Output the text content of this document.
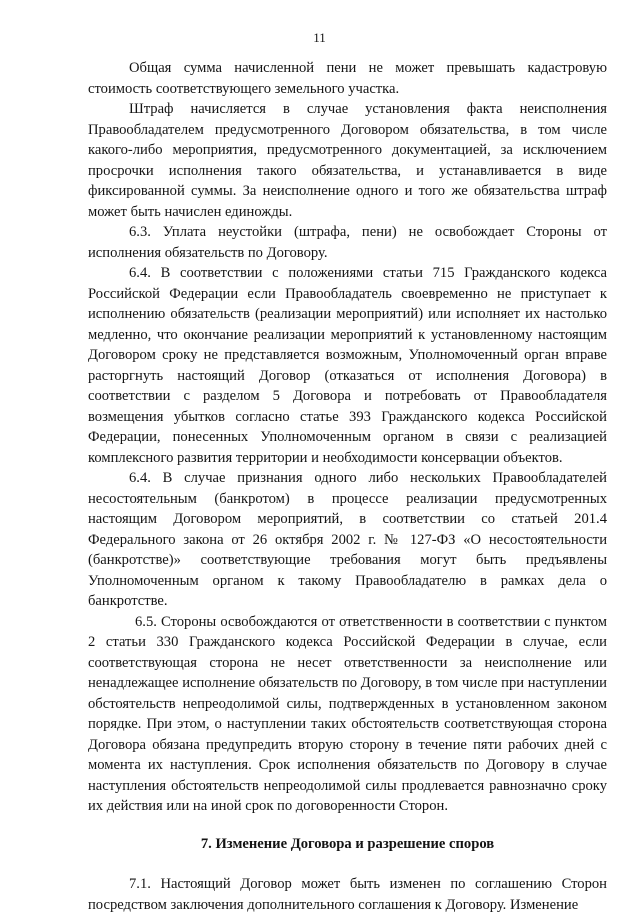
11

Общая сумма начисленной пени не может превышать кадастровую стоимость соответствующего земельного участка.

Штраф начисляется в случае установления факта неисполнения Правообладателем предусмотренного Договором обязательства, в том числе какого-либо мероприятия, предусмотренного документацией, за исключением просрочки исполнения такого обязательства, и устанавливается в виде фиксированной суммы. За неисполнение одного и того же обязательства штраф может быть начислен единожды.

6.3. Уплата неустойки (штрафа, пени) не освобождает Стороны от исполнения обязательств по Договору.

6.4. В соответствии с положениями статьи 715 Гражданского кодекса Российской Федерации если Правообладатель своевременно не приступает к исполнению обязательств (реализации мероприятий) или исполняет их настолько медленно, что окончание реализации мероприятий к установленному настоящим Договором сроку не представляется возможным, Уполномоченный орган вправе расторгнуть настоящий Договор (отказаться от исполнения Договора) в соответствии с разделом 5 Договора и потребовать от Правообладателя возмещения убытков согласно статье 393 Гражданского кодекса Российской Федерации, понесенных Уполномоченным органом в связи с реализацией комплексного развития территории и необходимости консервации объектов.

6.4. В случае признания одного либо нескольких Правообладателей несостоятельным (банкротом) в процессе реализации предусмотренных настоящим Договором мероприятий, в соответствии со статьей 201.4 Федерального закона от 26 октября 2002 г. № 127-ФЗ «О несостоятельности (банкротстве)» соответствующие требования могут быть предъявлены Уполномоченным органом к такому Правообладателю в рамках дела о банкротстве.

6.5. Стороны освобождаются от ответственности в соответствии с пунктом 2 статьи 330 Гражданского кодекса Российской Федерации в случае, если соответствующая сторона не несет ответственности за неисполнение или ненадлежащее исполнение обязательств по Договору, в том числе при наступлении обстоятельств непреодолимой силы, подтвержденных в установленном законом порядке. При этом, о наступлении таких обстоятельств соответствующая сторона Договора обязана предупредить вторую сторону в течение пяти рабочих дней с момента их наступления. Срок исполнения обязательств по Договору в случае наступления обстоятельств непреодолимой силы продлевается равнозначно сроку их действия или на иной срок по договоренности Сторон.

7. Изменение Договора и разрешение споров

7.1. Настоящий Договор может быть изменен по соглашению Сторон посредством заключения дополнительного соглашения к Договору. Изменение
